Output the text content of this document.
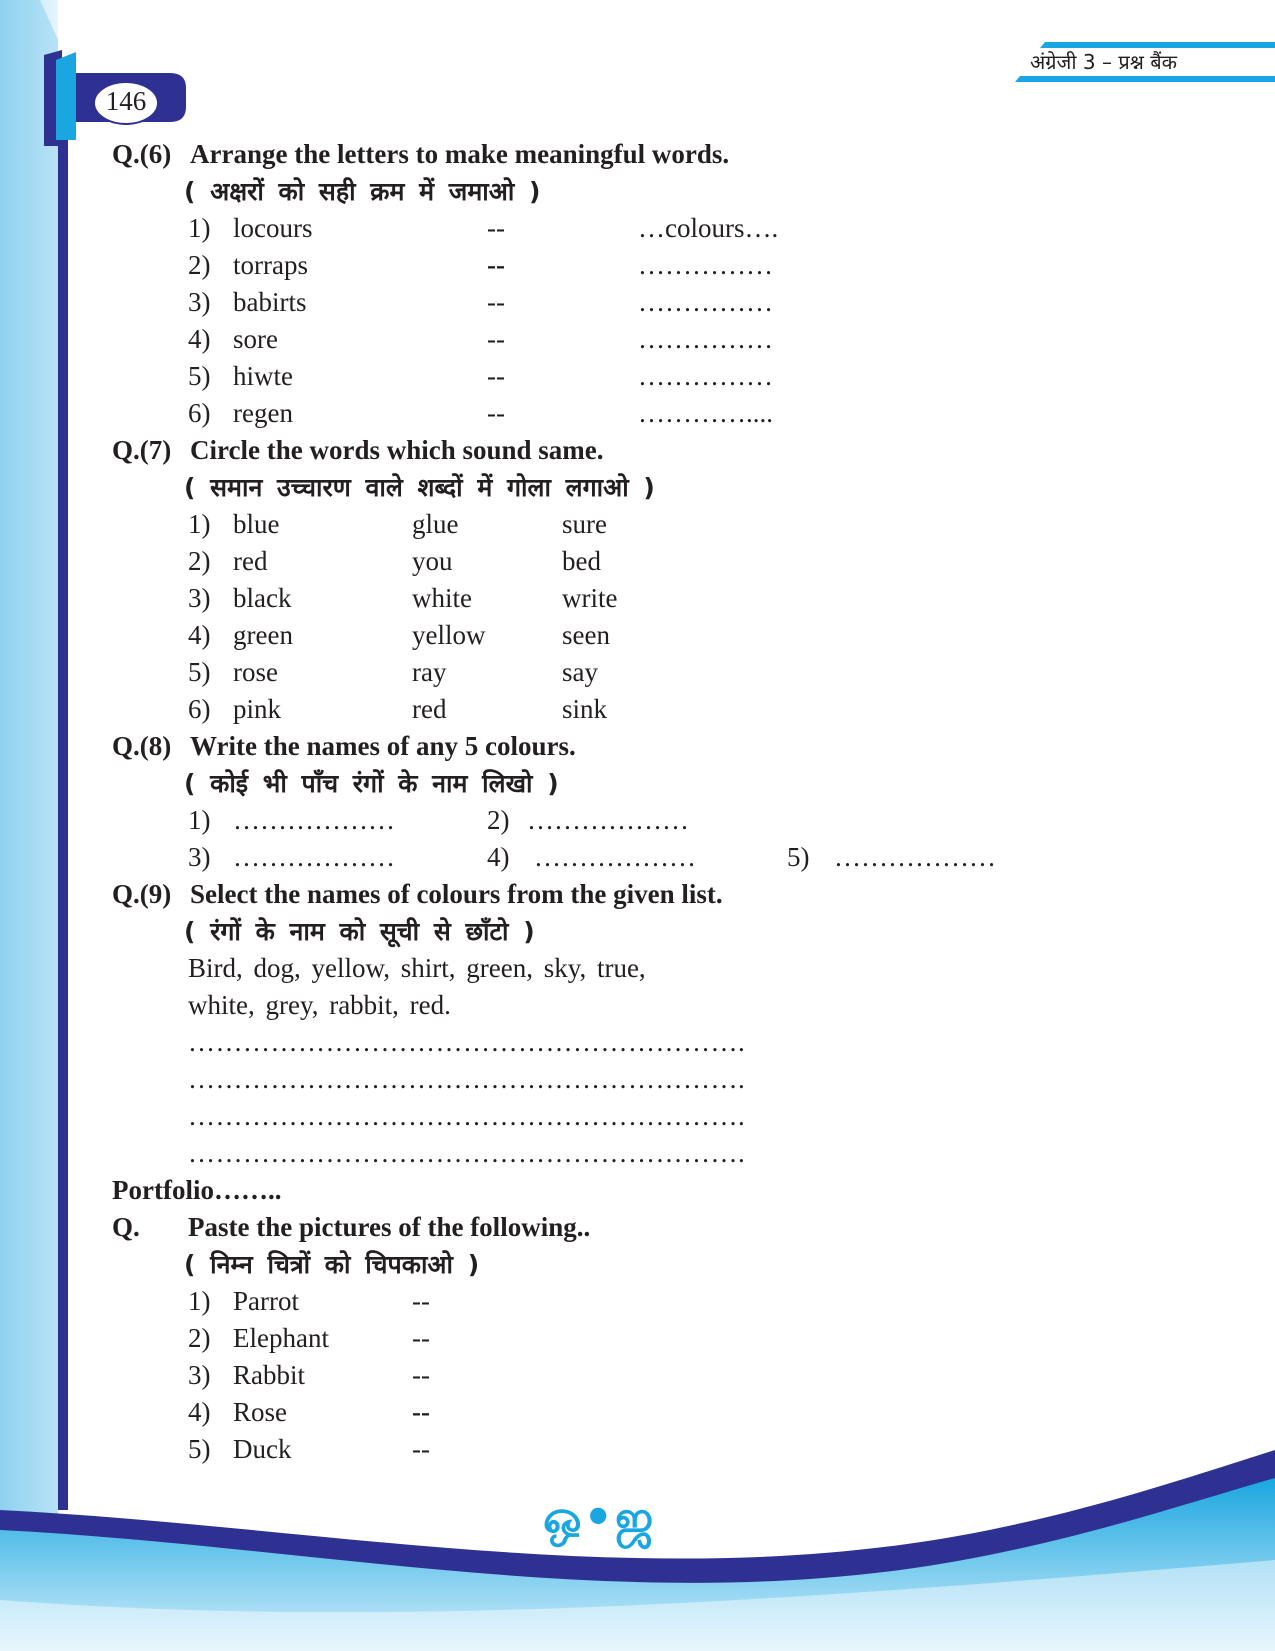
अंग्रेजी 3 – प्रश्न बैंक
146
Q.(6) Arrange the letters to make meaningful words.
( अक्षरों को सही क्रम में जमाओ )
1) locours	--	…colours….
2) torraps	--	……………
3) babirts	--	……………
4) sore	--	……………
5) hiwte	--	……………
6) regen	--	…………....
Q.(7) Circle the words which sound same.
( समान उच्चारण वाले शब्दों में गोला लगाओ )
1) blue	glue	sure
2) red	you	bed
3) black	white	write
4) green	yellow	seen
5) rose	ray	say
6) pink	red	sink
Q.(8) Write the names of any 5 colours.
( कोई भी पाँच रंगों के नाम लिखो )
1) ………………	2) ………………
3) ………………	4) ………………	5) ………………
Q.(9) Select the names of colours from the given list.
( रंगों के नाम को सूची से छाँटो )
Bird, dog, yellow, shirt, green, sky, true,
white, grey, rabbit, red.
…………………………………………………….
…………………………………………………….
…………………………………………………….
…………………………………………………….
Portfolio……..
Q. Paste the pictures of the following..
( निम्न चित्रों को चिपकाओ )
1) Parrot	--
2) Elephant	--
3) Rabbit	--
4) Rose	--
5) Duck	--
ஒ•ஜ
